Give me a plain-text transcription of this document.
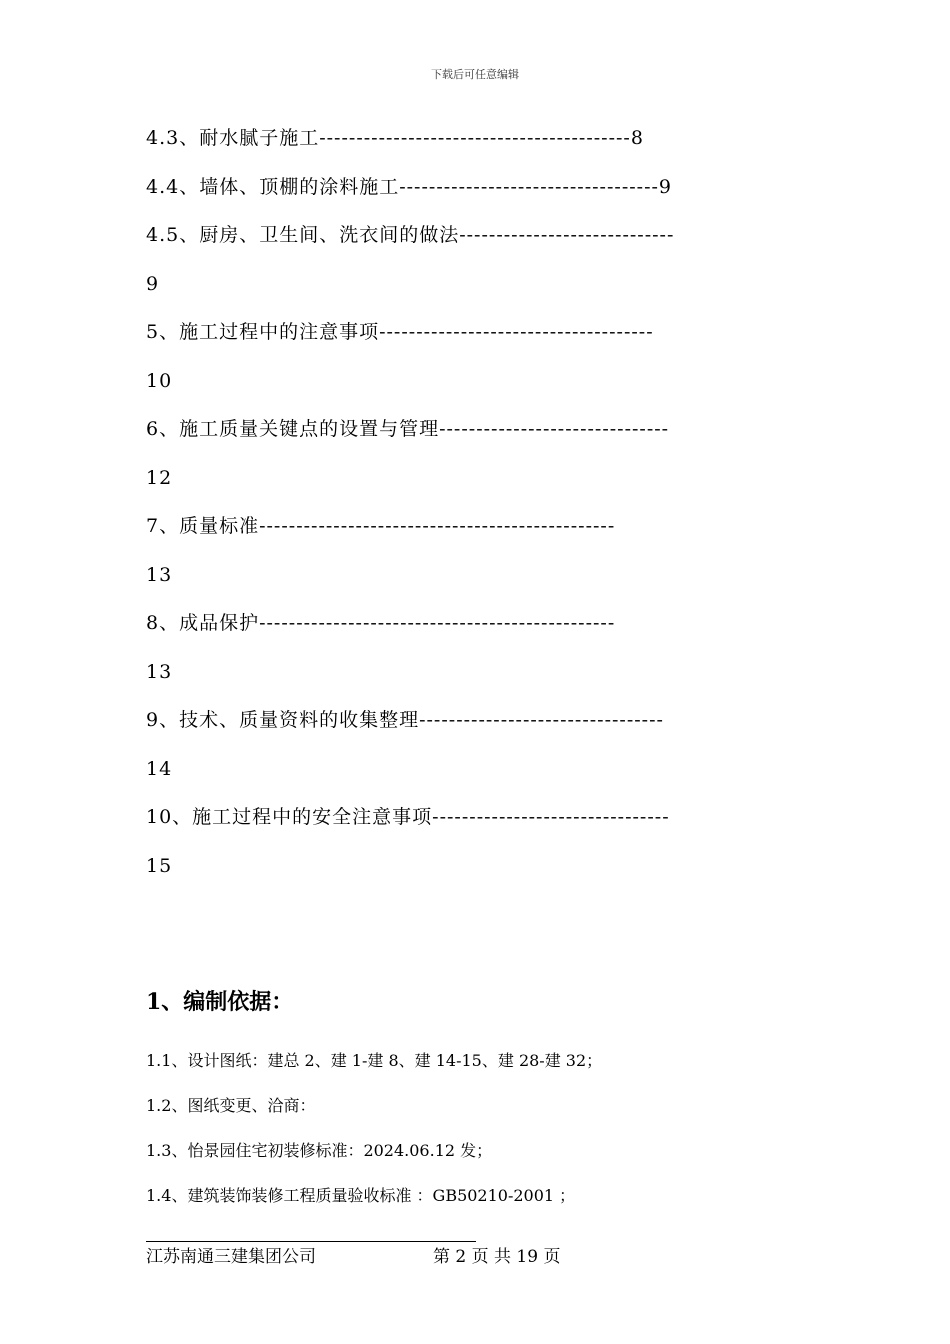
下载后可任意编辑
4.3、耐水腻子施工------------------------------------------8
4.4、墙体、顶棚的涂料施工-----------------------------------9
4.5、厨房、卫生间、洗衣间的做法-----------------------------
9
5、施工过程中的注意事项-------------------------------------
10
6、施工质量关键点的设置与管理-------------------------------
12
7、质量标准------------------------------------------------
13
8、成品保护------------------------------------------------
13
9、技术、质量资料的收集整理---------------------------------
14
10、施工过程中的安全注意事项--------------------------------
15
1、编制依据：
1.1、设计图纸：建总 2、建 1-建 8、建 14-15、建 28-建 32；
1.2、图纸变更、洽商：
1.3、怡景园住宅初装修标准：2024.06.12 发；
1.4、建筑装饰装修工程质量验收标准 ：GB50210-2001 ；
江苏南通三建集团公司	第 2 页 共 19 页
